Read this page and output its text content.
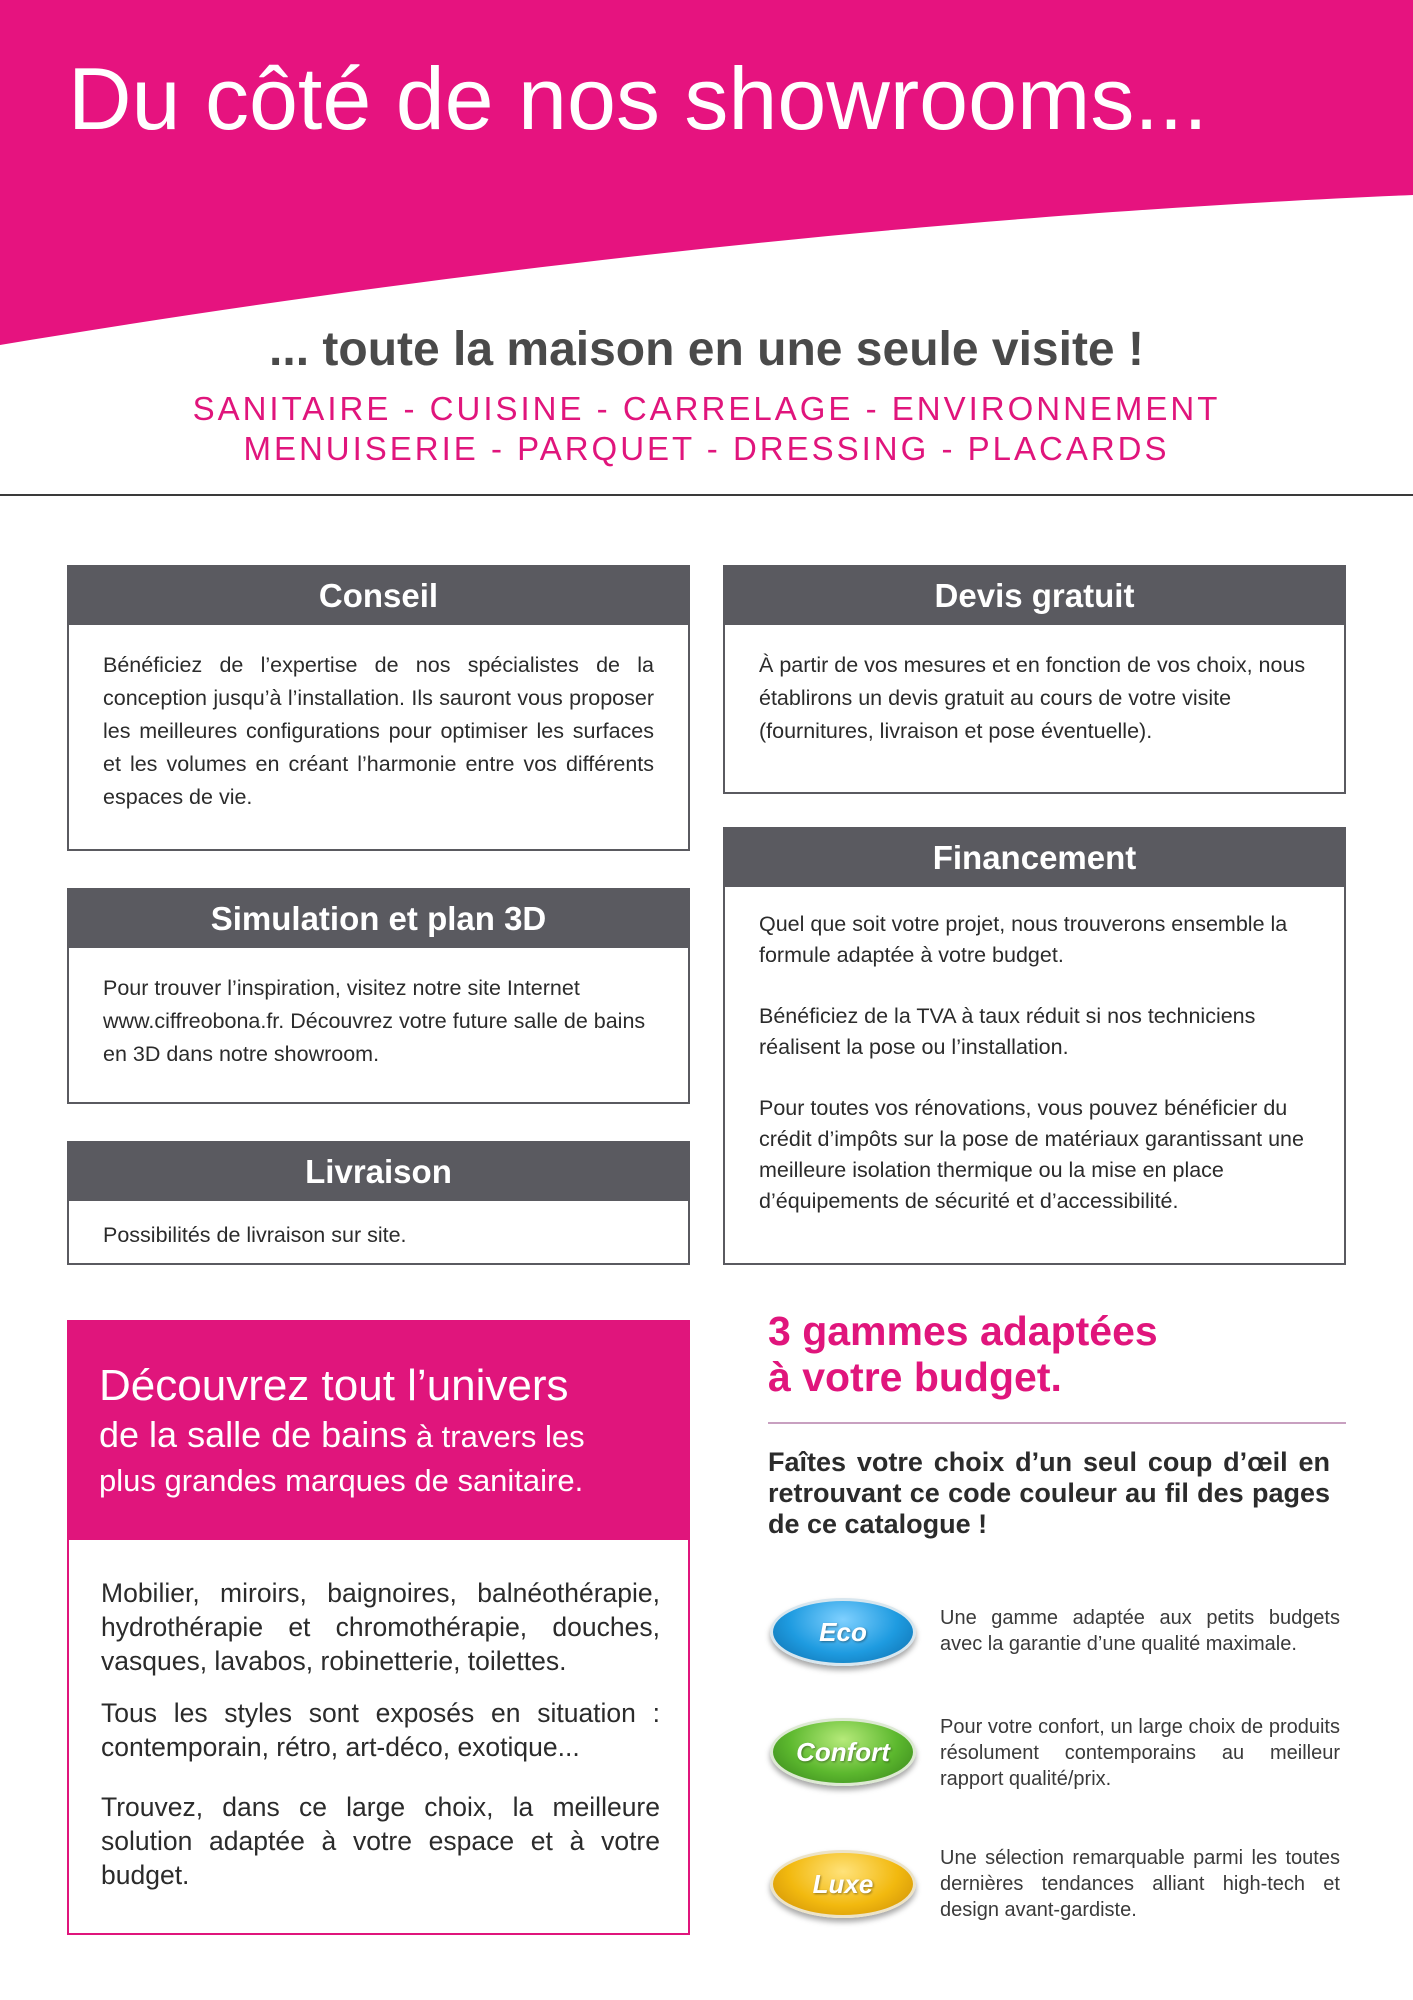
Du côté de nos showrooms...
... toute la maison en une seule visite !
SANITAIRE - CUISINE - CARRELAGE - ENVIRONNEMENT
MENUISERIE - PARQUET - DRESSING - PLACARDS
Conseil
Bénéficiez de l’expertise de nos spécialistes de la conception jusqu’à l’installation. Ils sauront vous proposer les meilleures configurations pour optimiser les surfaces et les volumes en créant l’harmonie entre vos différents espaces de vie.
Simulation et plan 3D
Pour trouver l’inspiration, visitez notre site Internet www.ciffreobona.fr. Découvrez votre future salle de bains en 3D dans notre showroom.
Livraison
Possibilités de livraison sur site.
Devis gratuit
À partir de vos mesures et en fonction de vos choix, nous établirons un devis gratuit au cours de votre visite (fournitures, livraison et pose éventuelle).
Financement

Quel que soit votre projet, nous trouverons ensemble la formule adaptée à votre budget.

Bénéficiez de la TVA à taux réduit si nos techniciens réalisent la pose ou l’installation.

Pour toutes vos rénovations, vous pouvez bénéficier du crédit d’impôts sur la pose de matériaux garantissant une meilleure isolation thermique ou la mise en place d’équipements de sécurité et d’accessibilité.

Découvrez tout l’univers
de la salle de bains à travers les
plus grandes marques de sanitaire.

Mobilier, miroirs, baignoires, balnéothérapie, hydrothérapie et chromothérapie, douches, vasques, lavabos, robinetterie, toilettes.

Tous les styles sont exposés en situation : contemporain, rétro, art-déco, exotique...

Trouvez, dans ce large choix, la meilleure solution adaptée à votre espace et à votre budget.

3 gammes adaptées
à votre budget.
Faîtes votre choix d’un seul coup d’œil en retrouvant ce code couleur au fil des pages de ce catalogue !
Eco	Une gamme adaptée aux petits budgets avec la garantie d’une qualité maximale.
Confort
Pour votre confort, un large choix de produits résolument contemporains au meilleur rapport qualité/prix.
Luxe
Une sélection remarquable parmi les toutes dernières tendances alliant high-tech et design avant-gardiste.
